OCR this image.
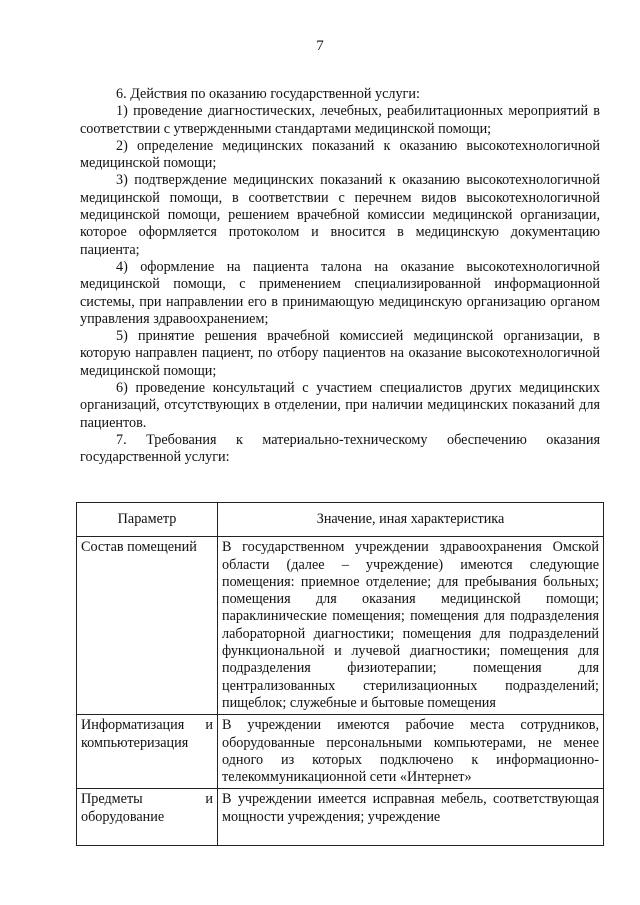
7

6. Действия по оказанию государственной услуги:

1) проведение диагностических, лечебных, реабилитационных мероприятий в соответствии с утвержденными стандартами медицинской помощи;

2) определение медицинских показаний к оказанию высокотехнологичной медицинской помощи;

3) подтверждение медицинских показаний к оказанию высокотехнологичной медицинской помощи, в соответствии с перечнем видов высокотехнологичной медицинской помощи, решением врачебной комиссии медицинской организации, которое оформляется протоколом и вносится в медицинскую документацию пациента;

4) оформление на пациента талона на оказание высокотехнологичной медицинской помощи, с применением специализированной информационной системы, при направлении его в принимающую медицинскую организацию органом управления здравоохранением;

5) принятие решения врачебной комиссией медицинской организации, в которую направлен пациент, по отбору пациентов на оказание высокотехнологичной медицинской помощи;

6) проведение консультаций с участием специалистов других медицинских организаций, отсутствующих в отделении, при наличии медицинских показаний для пациентов.

7. Требования к материально-техническому обеспечению оказания государственной услуги:

Параметр	Значение, иная характеристика
Состав помещений	В государственном учреждении здравоохранения Омской области (далее – учреждение) имеются следующие помещения: приемное отделение; для пребывания больных; помещения для оказания медицинской помощи; параклинические помещения; помещения для подразделения лабораторной диагностики; помещения для подразделений функциональной и лучевой диагностики; помещения для подразделения физиотерапии; помещения для централизованных стерилизационных подразделений; пищеблок; служебные и бытовые помещения
Информатизация и компьютеризация	В учреждении имеются рабочие места сотрудников, оборудованные персональными компьютерами, не менее одного из которых подключено к информационно-телекоммуникационной сети «Интернет»

Предметы и оборудование	В учреждении имеется исправная мебель, соответствующая мощности учреждения; учреждение
